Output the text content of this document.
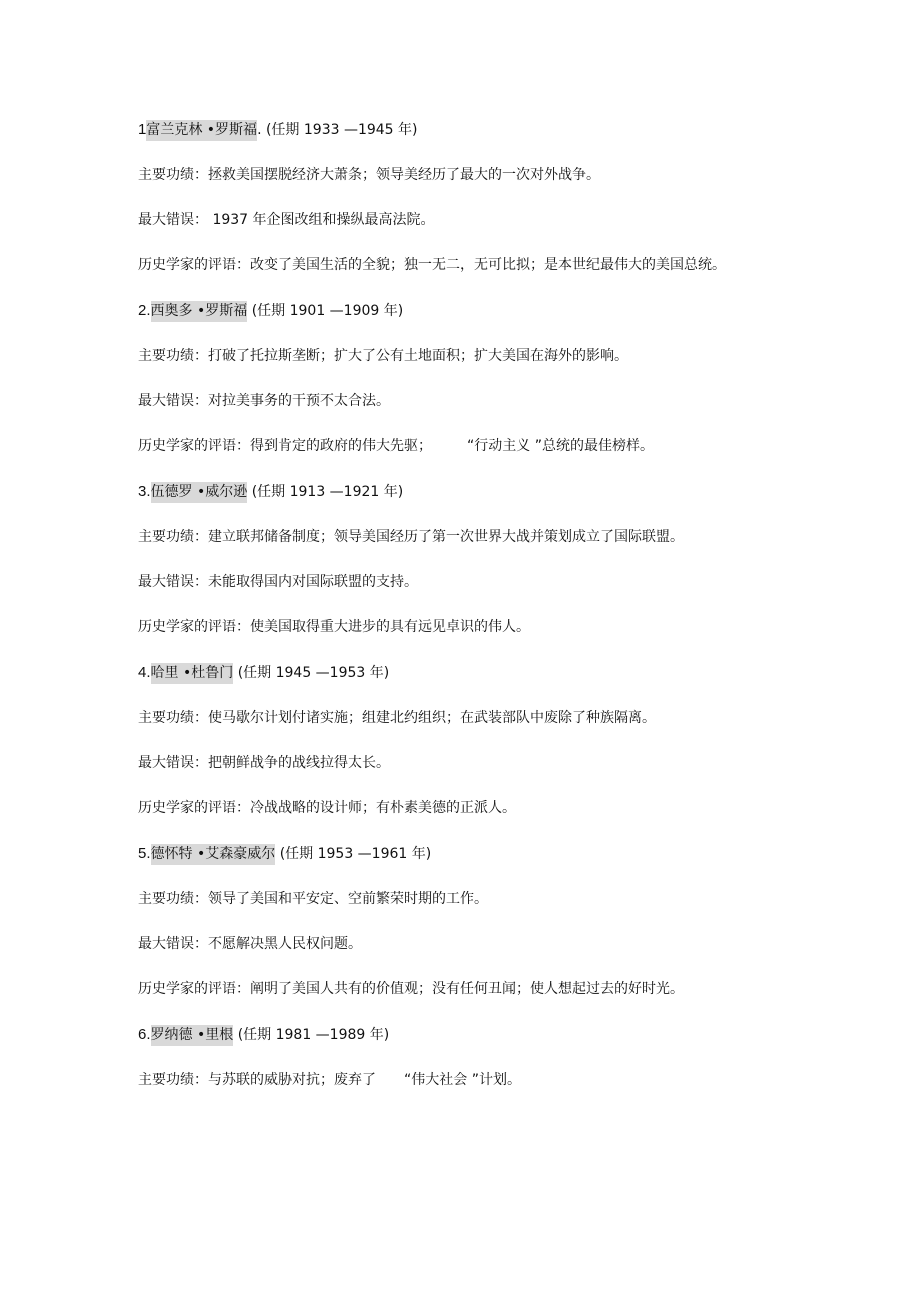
1富兰克林 •罗斯福. (任期 1933 —1945 年)

主要功绩：拯救美国摆脱经济大萧条；领导美经历了最大的一次对外战争。

最大错误： 1937 年企图改组和操纵最高法院。

历史学家的评语：改变了美国生活的全貌；独一无二，无可比拟；是本世纪最伟大的美国总统。

2.西奥多 •罗斯福 (任期 1901 —1909 年)

主要功绩：打破了托拉斯垄断；扩大了公有土地面积；扩大美国在海外的影响。

最大错误：对拉美事务的干预不太合法。

历史学家的评语：得到肯定的政府的伟大先驱；　　　“行动主义 ”总统的最佳榜样。

3.伍德罗 •威尔逊 (任期 1913 —1921 年)

主要功绩：建立联邦储备制度；领导美国经历了第一次世界大战并策划成立了国际联盟。

最大错误：未能取得国内对国际联盟的支持。

历史学家的评语：使美国取得重大进步的具有远见卓识的伟人。

4.哈里 •杜鲁门 (任期 1945 —1953 年)

主要功绩：使马歇尔计划付诸实施；组建北约组织；在武装部队中废除了种族隔离。

最大错误：把朝鲜战争的战线拉得太长。

历史学家的评语：冷战战略的设计师；有朴素美德的正派人。

5.德怀特 •艾森豪威尔 (任期 1953 —1961 年)

主要功绩：领导了美国和平安定、空前繁荣时期的工作。

最大错误：不愿解决黑人民权问题。

历史学家的评语：阐明了美国人共有的价值观；没有任何丑闻；使人想起过去的好时光。

6.罗纳德 •里根 (任期 1981 —1989 年)

主要功绩：与苏联的威胁对抗；废弃了　　“伟大社会 ”计划。
